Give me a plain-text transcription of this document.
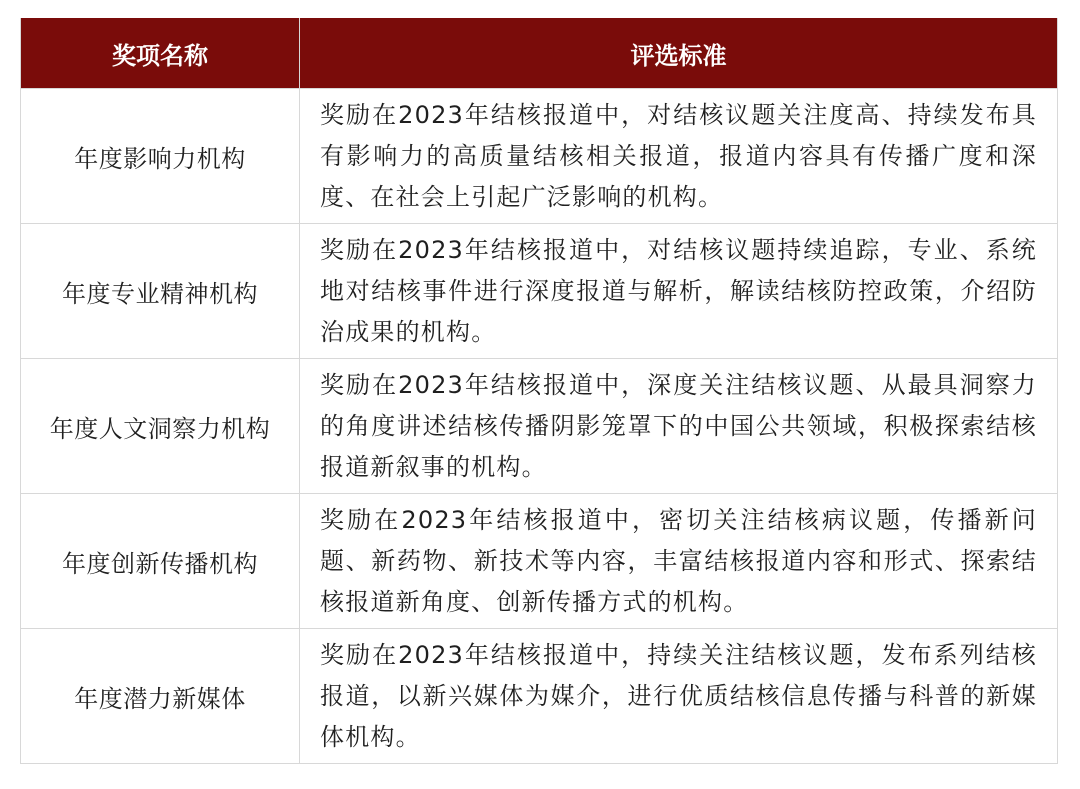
奖项名称	评选标准
年度影响力机构	奖励在2023年结核报道中，对结核议题关注度高、持续发布具有影响力的高质量结核相关报道，报道内容具有传播广度和深度、在社会上引起广泛影响的机构。
年度专业精神机构	奖励在2023年结核报道中，对结核议题持续追踪，专业、系统地对结核事件进行深度报道与解析，解读结核防控政策，介绍防治成果的机构。
年度人文洞察力机构	奖励在2023年结核报道中，深度关注结核议题、从最具洞察力的角度讲述结核传播阴影笼罩下的中国公共领域，积极探索结核报道新叙事的机构。
年度创新传播机构	奖励在2023年结核报道中，密切关注结核病议题，传播新问题、新药物、新技术等内容，丰富结核报道内容和形式、探索结核报道新角度、创新传播方式的机构。
年度潜力新媒体	奖励在2023年结核报道中，持续关注结核议题，发布系列结核报道，以新兴媒体为媒介，进行优质结核信息传播与科普的新媒体机构。
